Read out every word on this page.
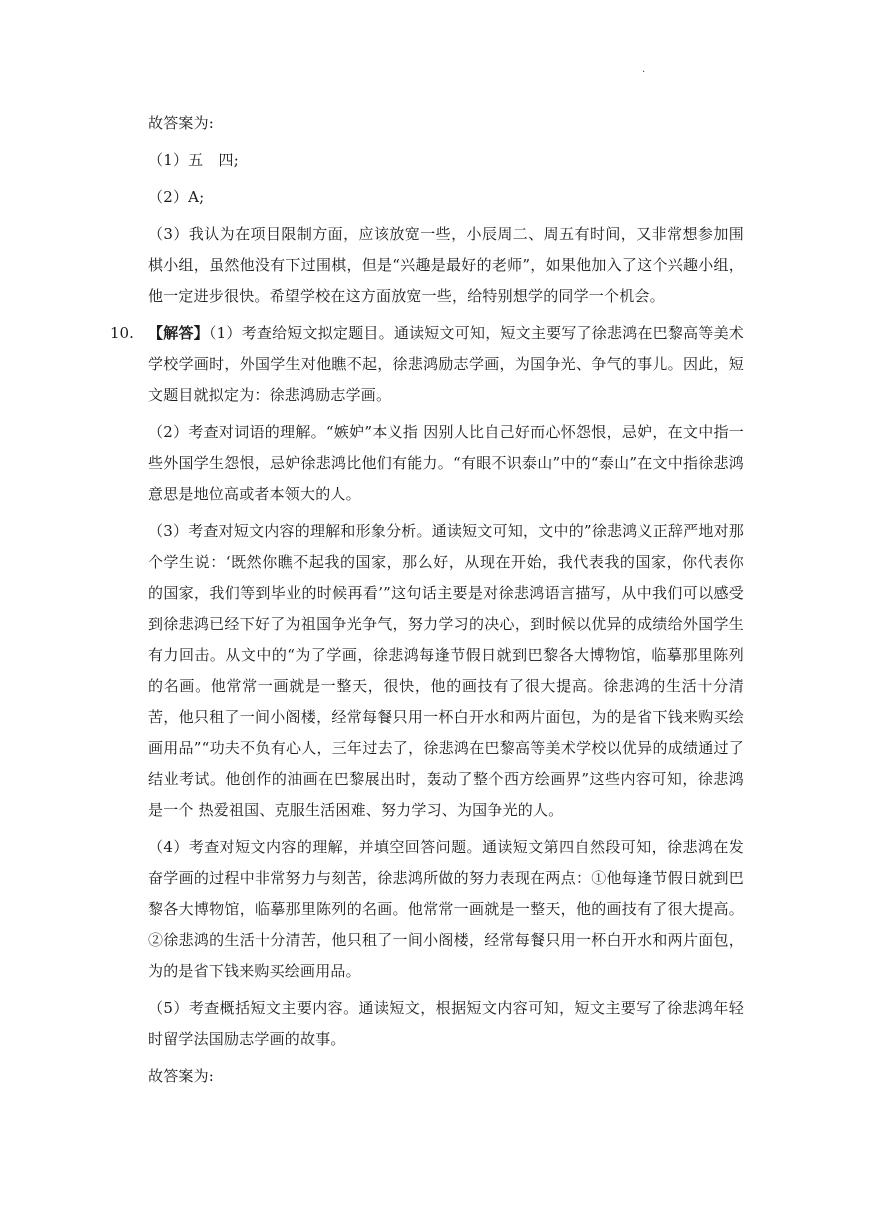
.

故答案为:

（1）五　四;

（2）A;

（3）我认为在项目限制方面，应该放宽一些，小辰周二、周五有时间，又非常想参加围棋小组，虽然他没有下过围棋，但是“兴趣是最好的老师”，如果他加入了这个兴趣小组，他一定进步很快。希望学校在这方面放宽一些，给特别想学的同学一个机会。

10. 【解答】（1）考查给短文拟定题目。通读短文可知，短文主要写了徐悲鸿在巴黎高等美术学校学画时，外国学生对他瞧不起，徐悲鸿励志学画，为国争光、争气的事儿。因此，短文题目就拟定为：徐悲鸿励志学画。

（2）考查对词语的理解。“嫉妒”本义指 因别人比自己好而心怀怨恨，忌妒，在文中指一些外国学生怨恨，忌妒徐悲鸿比他们有能力。“有眼不识泰山”中的“泰山”在文中指徐悲鸿意思是地位高或者本领大的人。

（3）考查对短文内容的理解和形象分析。通读短文可知，文中的”徐悲鸿义正辞严地对那个学生说：‘既然你瞧不起我的国家，那么好，从现在开始，我代表我的国家，你代表你的国家，我们等到毕业的时候再看’”这句话主要是对徐悲鸿语言描写，从中我们可以感受到徐悲鸿已经下好了为祖国争光争气，努力学习的决心，到时候以优异的成绩给外国学生有力回击。从文中的“为了学画，徐悲鸿每逢节假日就到巴黎各大博物馆，临摹那里陈列的名画。他常常一画就是一整天，很快，他的画技有了很大提高。徐悲鸿的生活十分清苦，他只租了一间小阁楼，经常每餐只用一杯白开水和两片面包，为的是省下钱来购买绘画用品”“功夫不负有心人，三年过去了，徐悲鸿在巴黎高等美术学校以优异的成绩通过了结业考试。他创作的油画在巴黎展出时，轰动了整个西方绘画界”这些内容可知，徐悲鸿是一个 热爱祖国、克服生活困难、努力学习、为国争光的人。

（4）考查对短文内容的理解，并填空回答问题。通读短文第四自然段可知，徐悲鸿在发奋学画的过程中非常努力与刻苦，徐悲鸿所做的努力表现在两点：①他每逢节假日就到巴黎各大博物馆，临摹那里陈列的名画。他常常一画就是一整天，他的画技有了很大提高。②徐悲鸿的生活十分清苦，他只租了一间小阁楼，经常每餐只用一杯白开水和两片面包，为的是省下钱来购买绘画用品。

（5）考查概括短文主要内容。通读短文，根据短文内容可知，短文主要写了徐悲鸿年轻时留学法国励志学画的故事。

故答案为:
